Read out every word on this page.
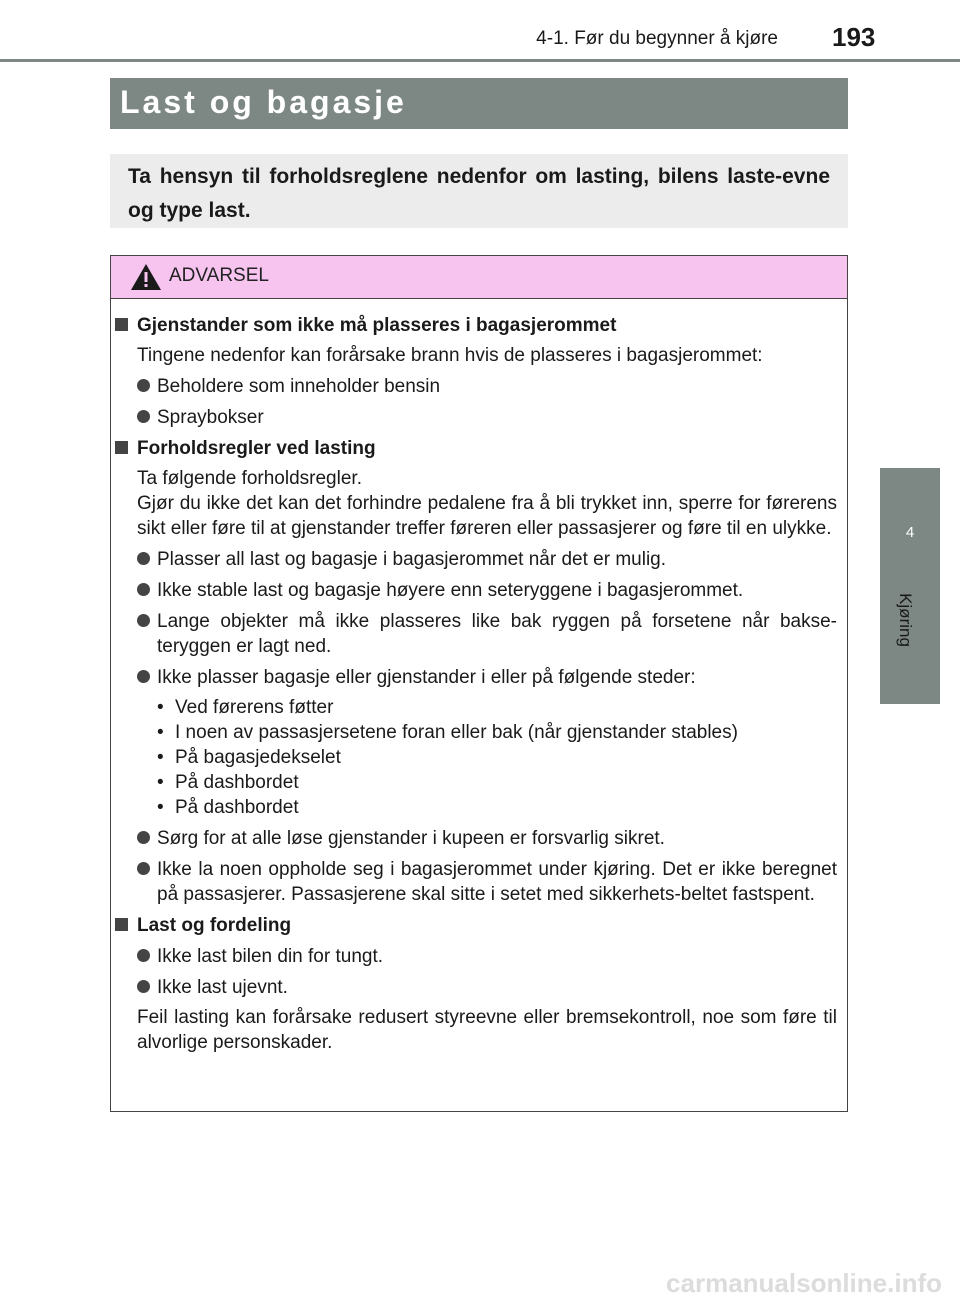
4-1. Før du begynner å kjøre 193
4
Kjøring
Last og bagasje
Ta hensyn til forholdsreglene nedenfor om lasting, bilens laste-evne og type last.
ADVARSEL
Gjenstander som ikke må plasseres i bagasjerommet
Tingene nedenfor kan forårsake brann hvis de plasseres i bagasjerommet:
Beholdere som inneholder bensin
Spraybokser
Forholdsregler ved lasting
Ta følgende forholdsregler.
Gjør du ikke det kan det forhindre pedalene fra å bli trykket inn, sperre for førerens sikt eller føre til at gjenstander treffer føreren eller passasjerer og føre til en ulykke.
Plasser all last og bagasje i bagasjerommet når det er mulig.
Ikke stable last og bagasje høyere enn seteryggene i bagasjerommet.
Lange objekter må ikke plasseres like bak ryggen på forsetene når bakse-teryggen er lagt ned.
Ikke plasser bagasje eller gjenstander i eller på følgende steder:
• Ved førerens føtter
• I noen av passasjersetene foran eller bak (når gjenstander stables)
• På bagasjedekselet
• På dashbordet
• På dashbordet
Sørg for at alle løse gjenstander i kupeen er forsvarlig sikret.
Ikke la noen oppholde seg i bagasjerommet under kjøring. Det er ikke beregnet på passasjerer. Passasjerene skal sitte i setet med sikkerhets-beltet fastspent.
Last og fordeling
Ikke last bilen din for tungt.
Ikke last ujevnt.
Feil lasting kan forårsake redusert styreevne eller bremsekontroll, noe som føre til alvorlige personskader.
carmanualsonline.info
